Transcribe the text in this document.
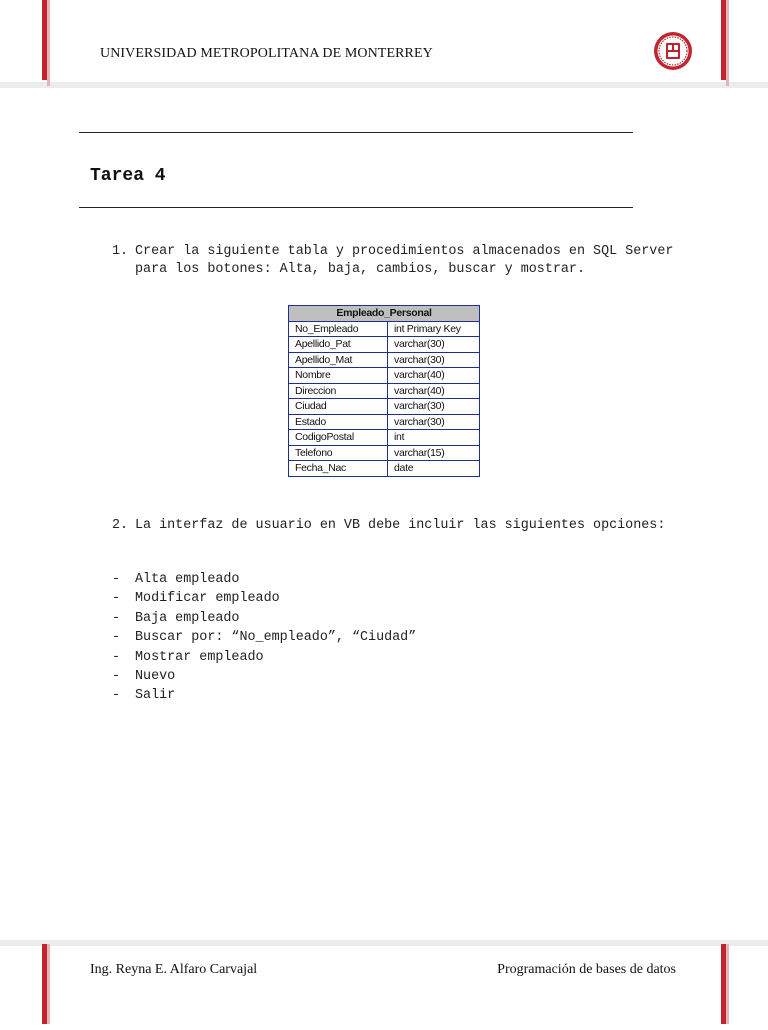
UNIVERSIDAD METROPOLITANA DE MONTERREY
Tarea 4
1. Crear la siguiente tabla y procedimientos almacenados en SQL Server para los botones: Alta, baja, cambios, buscar y mostrar.
Empleado_Personal	
No_Empleado	int Primary Key
Apellido_Pat	varchar(30)
Apellido_Mat	varchar(30)
Nombre	varchar(40)
Direccion	varchar(40)
Ciudad	varchar(30)
Estado	varchar(30)
CodigoPostal	int
Telefono	varchar(15)
Fecha_Nac	date
2. La interfaz de usuario en VB debe incluir las siguientes opciones:
- Alta empleado
- Modificar empleado
- Baja empleado
- Buscar por: “No_empleado”, “Ciudad”
- Mostrar empleado
- Nuevo
- Salir
Ing. Reyna E. Alfaro Carvajal	Programación de bases de datos
